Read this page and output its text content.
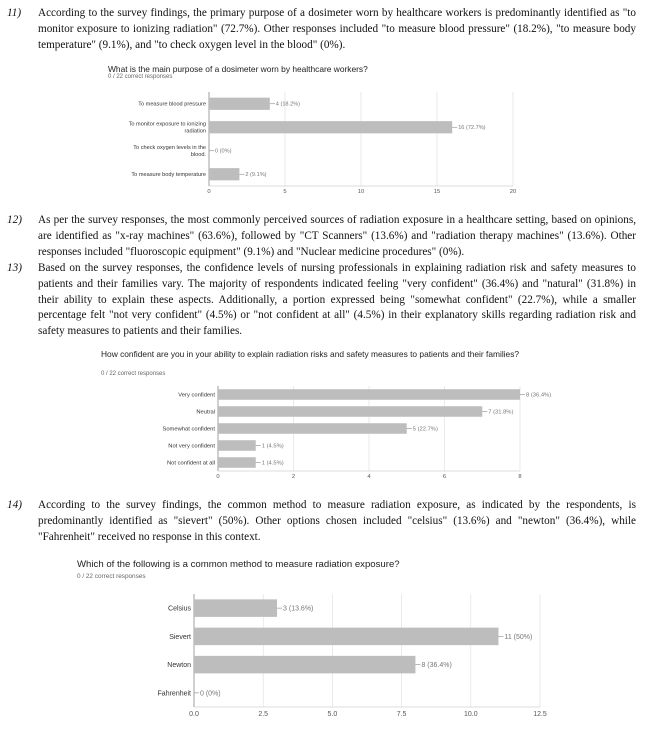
11) According to the survey findings, the primary purpose of a dosimeter worn by healthcare workers is predominantly identified as "to monitor exposure to ionizing radiation" (72.7%). Other responses included "to measure blood pressure" (18.2%), "to measure body temperature" (9.1%), and "to check oxygen level in the blood" (0%).
What is the main purpose of a dosimeter worn by healthcare workers?
0 / 22 correct responses
0	5	10	15	20
To measure blood pressure	4 (18.2%)
To monitor exposure to ionizing radiation
16 (72.7%)
To check oxygen levels in the blood.
0 (0%)
To measure body temperature	2 (9.1%)
12) As per the survey responses, the most commonly perceived sources of radiation exposure in a healthcare setting, based on opinions, are identified as "x-ray machines" (63.6%), followed by "CT Scanners" (13.6%) and "radiation therapy machines" (13.6%). Other responses included "fluoroscopic equipment" (9.1%) and "Nuclear medicine procedures" (0%).
13) Based on the survey responses, the confidence levels of nursing professionals in explaining radiation risk and safety measures to patients and their families vary. The majority of respondents indicated feeling "very confident" (36.4%) and "natural" (31.8%) in their ability to explain these aspects. Additionally, a portion expressed being "somewhat confident" (22.7%), while a smaller percentage felt "not very confident" (4.5%) or "not confident at all" (4.5%) in their explanatory skills regarding radiation risk and safety measures to patients and their families.
How confident are you in your ability to explain radiation risks and safety measures to patients and their families?
0 / 22 correct responses
0	2	4	6	8
Very confident	8 (36.4%)
Neutral	7 (31.8%)
Somewhat confident	5 (22.7%)
Not very confident	1 (4.5%)
Not confident at all	1 (4.5%)
14) According to the survey findings, the common method to measure radiation exposure, as indicated by the respondents, is predominantly identified as "sievert" (50%). Other options chosen included "celsius" (13.6%) and "newton" (36.4%), while "Fahrenheit" received no response in this context.
Which of the following is a common method to measure radiation exposure?
0 / 22 correct responses
0.0	2.5	5.0	7.5	10.0	12.5
Celsius	3 (13.6%)
Sievert	11 (50%)
Newton	8 (36.4%)
Fahrenheit 0 (0%)
